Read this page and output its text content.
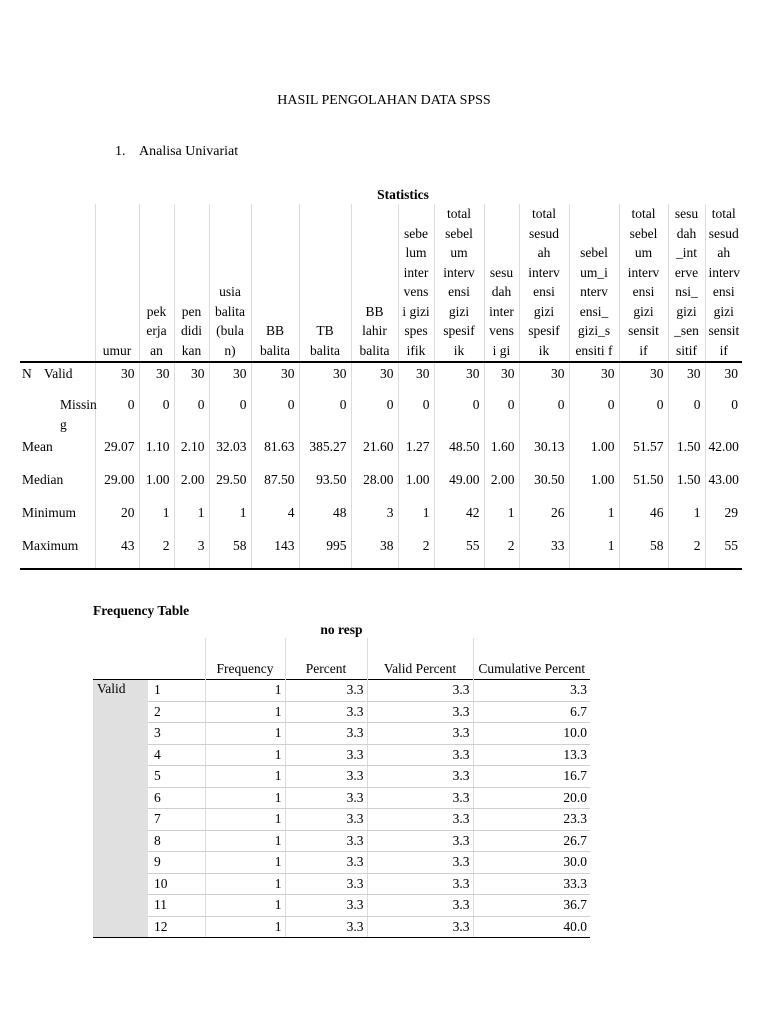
HASIL PENGOLAHAN DATA SPSS
1. Analisa Univariat
Statistics
		umur	pek erja an	pen didi kan	usia balita (bula n)	BB balita	TB balita	BB lahir balita	sebe lum inter vens i gizi spes ifik	total sebel um interv ensi gizi spesif ik	sesu dah inter vens i gi	total sesud ah interv ensi gizi spesif ik	sebel um_i nterv ensi_ gizi_s ensiti f	total sebel um interv ensi gizi sensit if	sesu dah _int erve nsi_ gizi _sen sitif	total sesud ah interv ensi gizi sensit if
N	Valid	30	30	30	30	30	30	30	30	30	30	30	30	30	30	30
	Missin g	0	0	0	0	0	0	0	0	0	0	0	0	0	0	0
Mean		29.07	1.10	2.10	32.03	81.63	385.27	21.60	1.27	48.50	1.60	30.13	1.00	51.57	1.50	42.00
Median		29.00	1.00	2.00	29.50	87.50	93.50	28.00	1.00	49.00	2.00	30.50	1.00	51.50	1.50	43.00
Minimum		20	1	1	1	4	48	3	1	42	1	26	1	46	1	29
Maximum		43	2	3	58	143	995	38	2	55	2	33	1	58	2	55
Frequency Table
no resp
		Frequency	Percent	Valid Percent	Cumulative Percent
Valid	1	1	3.3	3.3	3.3
	2	1	3.3	3.3	6.7
	3	1	3.3	3.3	10.0
	4	1	3.3	3.3	13.3
	5	1	3.3	3.3	16.7
	6	1	3.3	3.3	20.0
	7	1	3.3	3.3	23.3
	8	1	3.3	3.3	26.7
	9	1	3.3	3.3	30.0
	10	1	3.3	3.3	33.3
	11	1	3.3	3.3	36.7
	12	1	3.3	3.3	40.0
